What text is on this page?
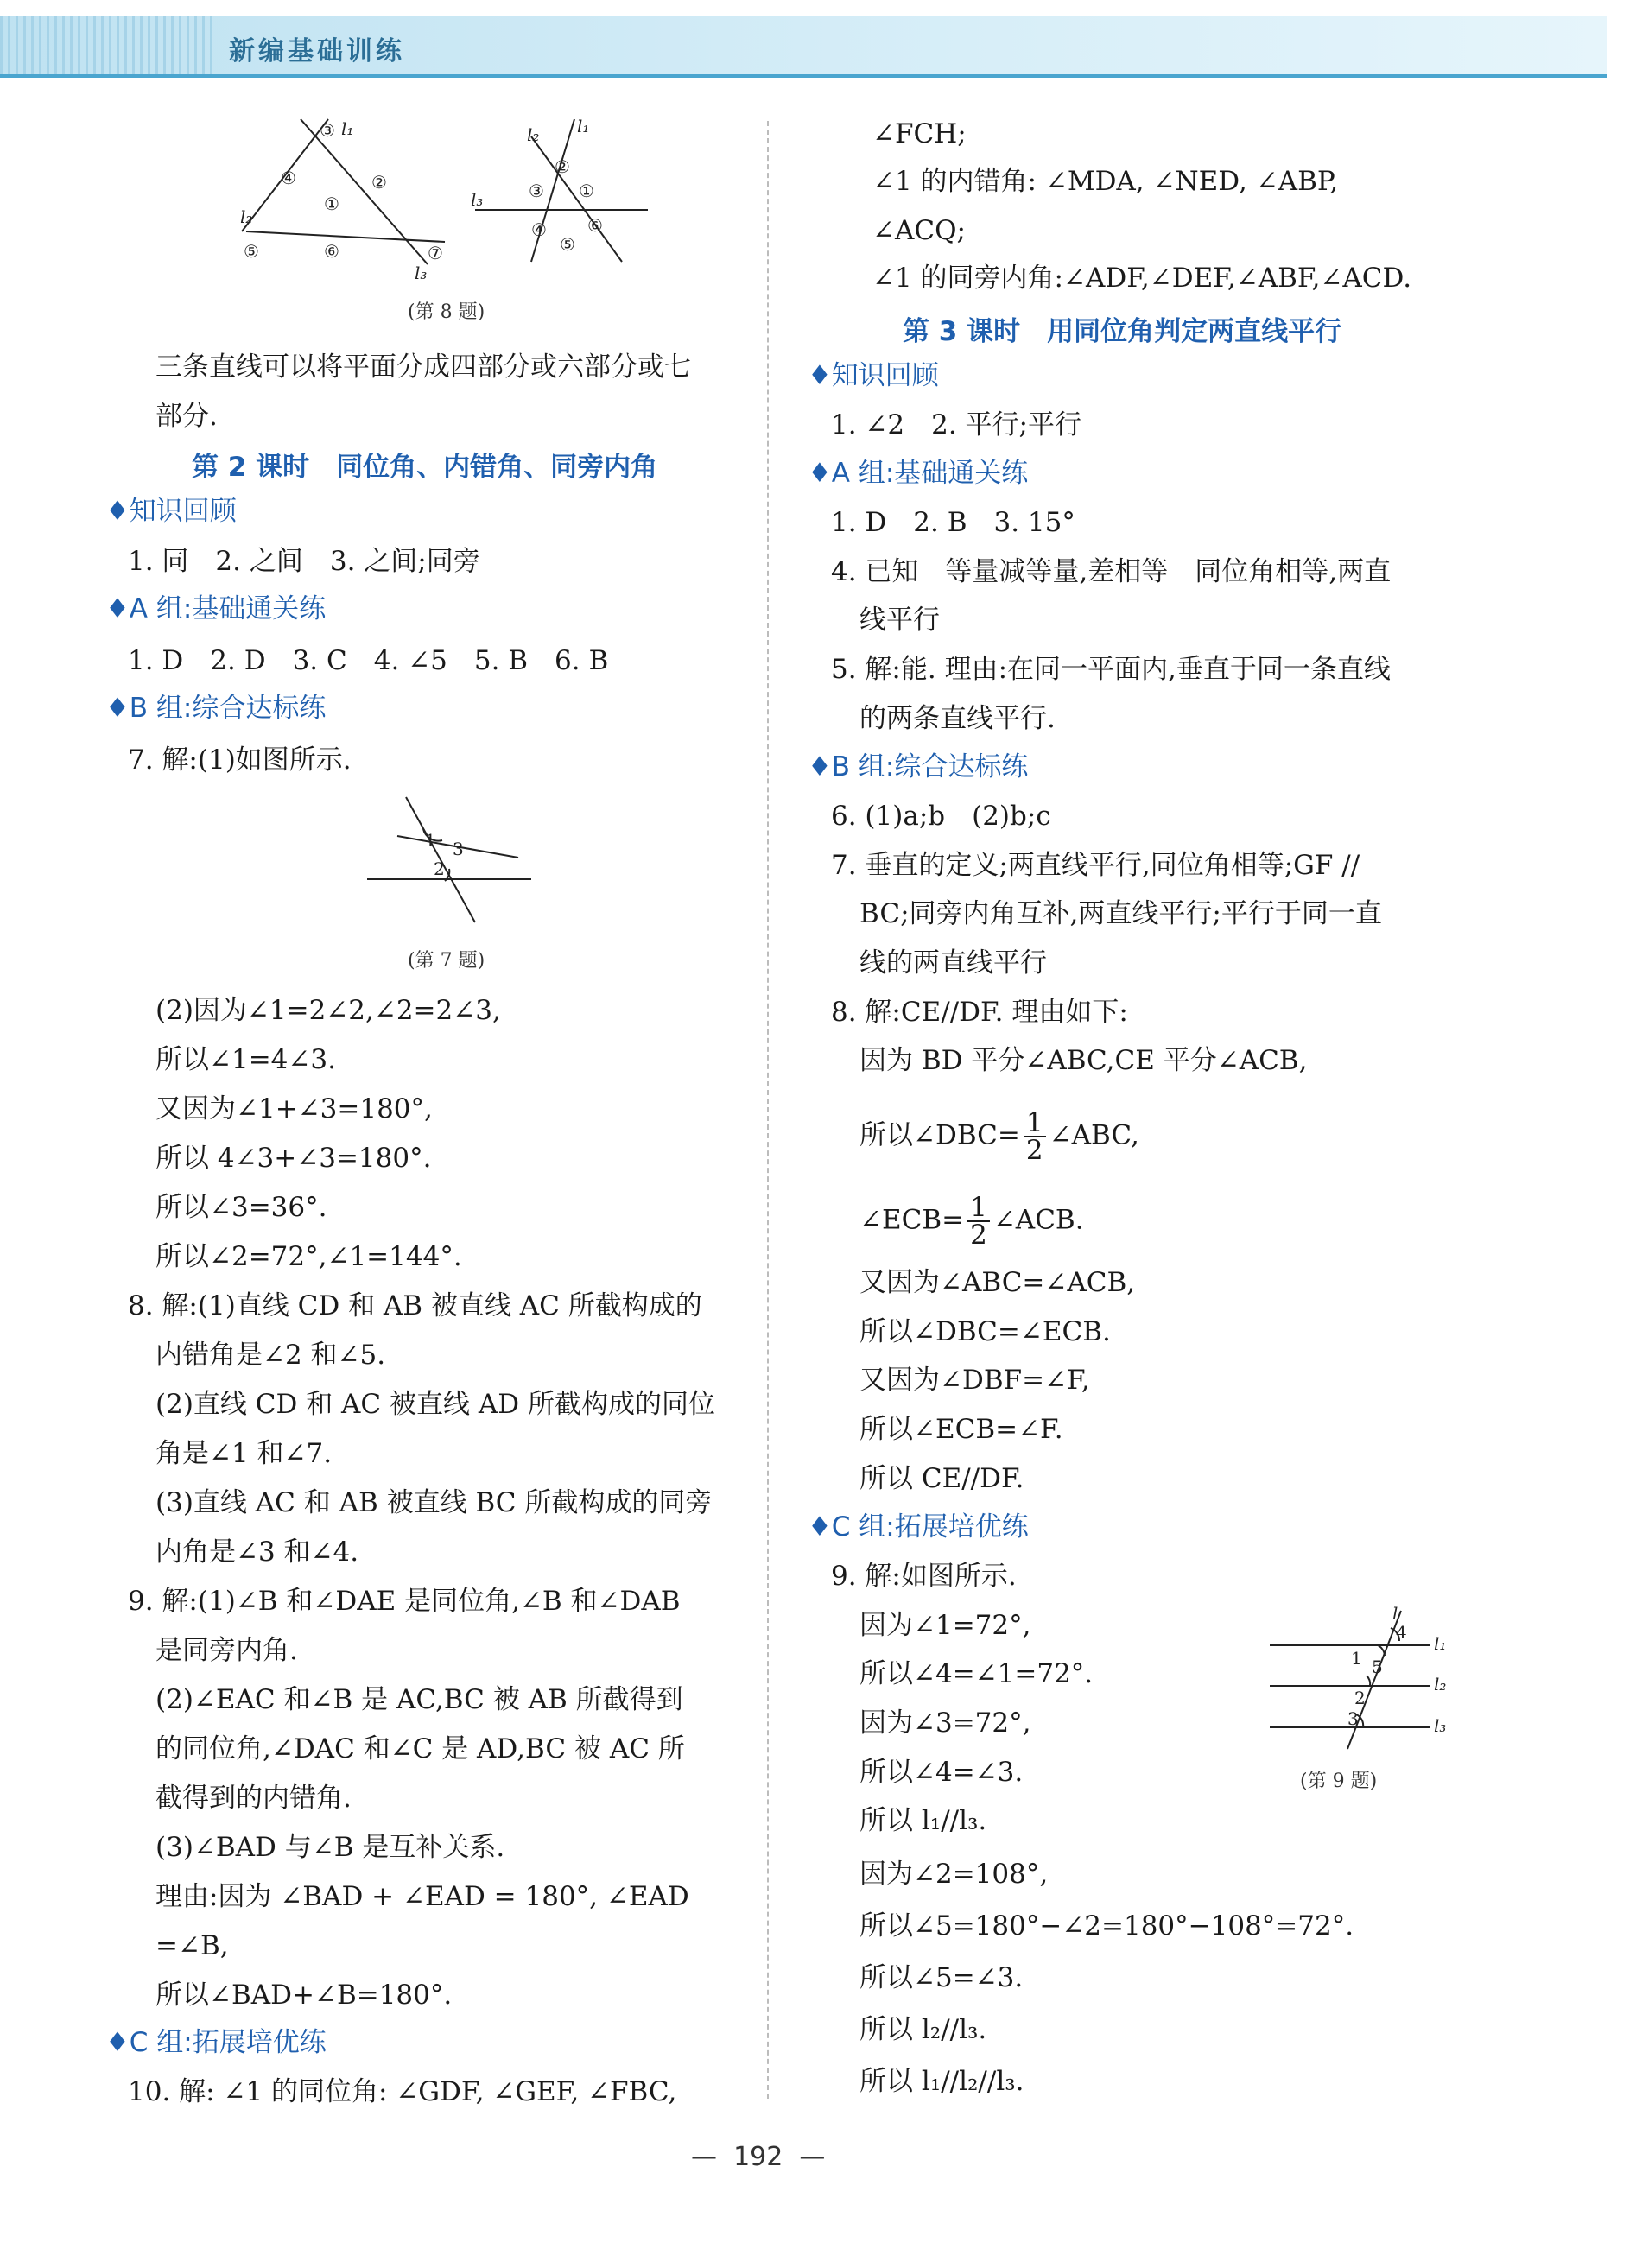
新编基础训练
③ l₁
④
①
②
l₂
⑤	⑥	⑦
l₃
l₂ l₁
②
③ ①
l₃
④ ⑥
⑤
(第 8 题)
三条直线可以将平面分成四部分或六部分或七
部分.
第 2 课时　同位角、内错角、同旁内角
♦知识回顾
1. 同　2. 之间　3. 之间;同旁
♦A 组:基础通关练
1. D　2. D　3. C　4. ∠5　5. B　6. B
♦B 组:综合达标练
7. 解:(1)如图所示.
1 3
2
(第 7 题)
(2)因为∠1=2∠2,∠2=2∠3,
所以∠1=4∠3.
又因为∠1+∠3=180°,
所以 4∠3+∠3=180°.
所以∠3=36°.
所以∠2=72°,∠1=144°.
8. 解:(1)直线 CD 和 AB 被直线 AC 所截构成的
内错角是∠2 和∠5.
(2)直线 CD 和 AC 被直线 AD 所截构成的同位
角是∠1 和∠7.
(3)直线 AC 和 AB 被直线 BC 所截构成的同旁
内角是∠3 和∠4.
9. 解:(1)∠B 和∠DAE 是同位角,∠B 和∠DAB
是同旁内角.
(2)∠EAC 和∠B 是 AC,BC 被 AB 所截得到
的同位角,∠DAC 和∠C 是 AD,BC 被 AC 所
截得到的内错角.
(3)∠BAD 与∠B 是互补关系.
理由:因为 ∠BAD + ∠EAD = 180°, ∠EAD
=∠B,
所以∠BAD+∠B=180°.
♦C 组:拓展培优练
10. 解: ∠1 的同位角: ∠GDF, ∠GEF, ∠FBC,
∠FCH;
∠1 的内错角: ∠MDA, ∠NED, ∠ABP,
∠ACQ;
∠1 的同旁内角:∠ADF,∠DEF,∠ABF,∠ACD.
第 3 课时　用同位角判定两直线平行
♦知识回顾
1. ∠2　2. 平行;平行
♦A 组:基础通关练
1. D　2. B　3. 15°
4. 已知　等量减等量,差相等　同位角相等,两直
线平行
5. 解:能. 理由:在同一平面内,垂直于同一条直线
的两条直线平行.
♦B 组:综合达标练
6. (1)a;b　(2)b;c
7. 垂直的定义;两直线平行,同位角相等;GF //
BC;同旁内角互补,两直线平行;平行于同一直
线的两直线平行
8. 解:CE//DF. 理由如下:
因为 BD 平分∠ABC,CE 平分∠ACB,
所以∠DBC= $\frac{1}{2}$ ∠ABC,
∠ECB= $\frac{1}{2}$ ∠ACB.
又因为∠ABC=∠ACB,
所以∠DBC=∠ECB.
又因为∠DBF=∠F,
所以∠ECB=∠F.
所以 CE//DF.
♦C 组:拓展培优练
9. 解:如图所示.
因为∠1=72°,
所以∠4=∠1=72°.
因为∠3=72°,
所以∠4=∠3.
所以 l₁//l₃.
l
l₁
l₂
l₃
4
1 5
2
3
(第 9 题)
因为∠2=108°,
所以∠5=180°−∠2=180°−108°=72°.
所以∠5=∠3.
所以 l₂//l₃.
所以 l₁//l₂//l₃.
—  192  —
